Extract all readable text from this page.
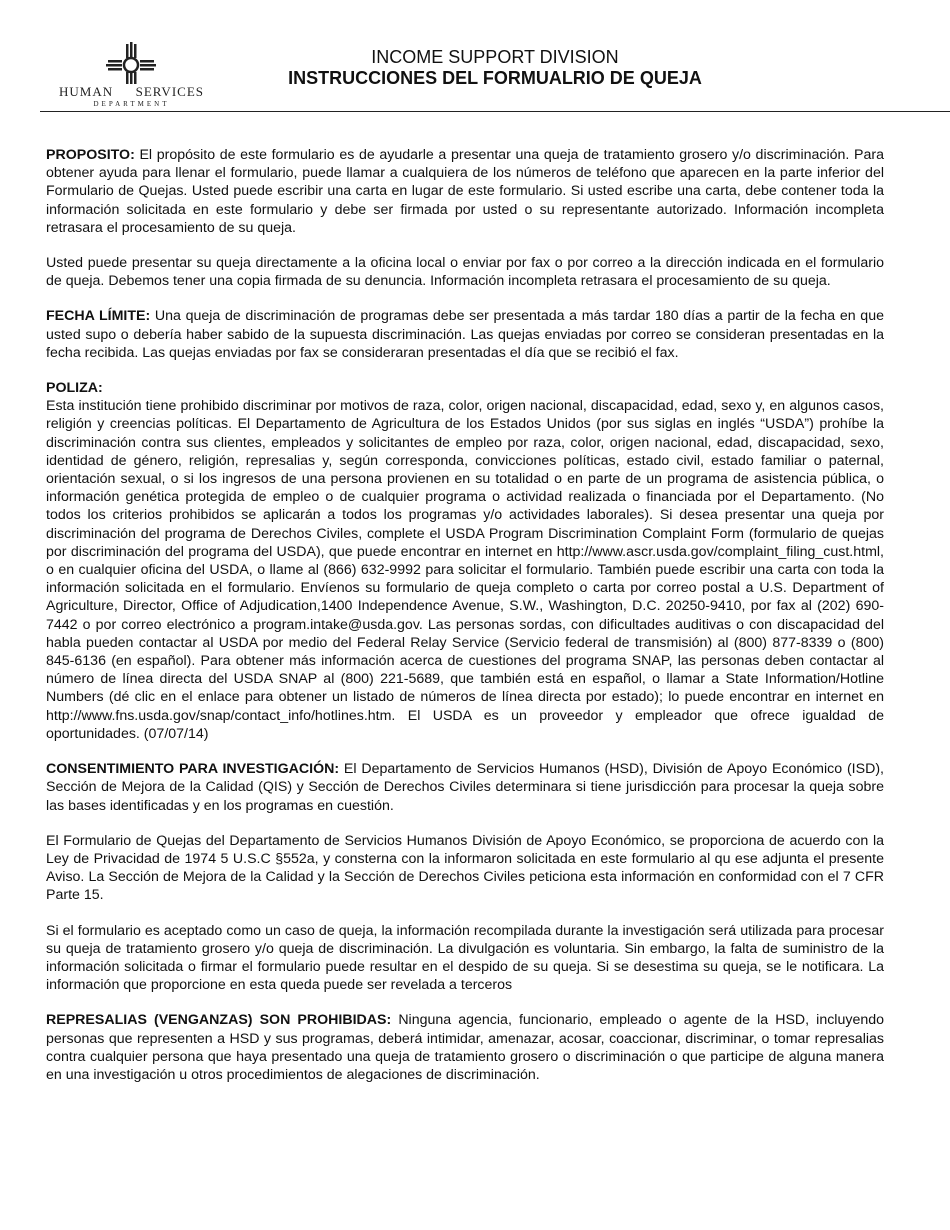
HUMAN SERVICES
DEPARTMENT
INCOME SUPPORT DIVISION
INSTRUCCIONES DEL FORMUALRIO DE QUEJA

PROPOSITO: El propósito de este formulario es de ayudarle a presentar una queja de tratamiento grosero y/o discriminación. Para obtener ayuda para llenar el formulario, puede llamar a cualquiera de los números de teléfono que aparecen en la parte inferior del Formulario de Quejas. Usted puede escribir una carta en lugar de este formulario. Si usted escribe una carta, debe contener toda la información solicitada en este formulario y debe ser firmada por usted o su representante autorizado. Información incompleta retrasara el procesamiento de su queja.

Usted puede presentar su queja directamente a la oficina local o enviar por fax o por correo a la dirección indicada en el formulario de queja. Debemos tener una copia firmada de su denuncia. Información incompleta retrasara el procesamiento de su queja.

FECHA LÍMITE: Una queja de discriminación de programas debe ser presentada a más tardar 180 días a partir de la fecha en que usted supo o debería haber sabido de la supuesta discriminación. Las quejas enviadas por correo se consideran presentadas en la fecha recibida. Las quejas enviadas por fax se consideraran presentadas el día que se recibió el fax.

POLIZA:
Esta institución tiene prohibido discriminar por motivos de raza, color, origen nacional, discapacidad, edad, sexo y, en algunos casos, religión y creencias políticas. El Departamento de Agricultura de los Estados Unidos (por sus siglas en inglés “USDA”) prohíbe la discriminación contra sus clientes, empleados y solicitantes de empleo por raza, color, origen nacional, edad, discapacidad, sexo, identidad de género, religión, represalias y, según corresponda, convicciones políticas, estado civil, estado familiar o paternal, orientación sexual, o si los ingresos de una persona provienen en su totalidad o en parte de un programa de asistencia pública, o información genética protegida de empleo o de cualquier programa o actividad realizada o financiada por el Departamento. (No todos los criterios prohibidos se aplicarán a todos los programas y/o actividades laborales). Si desea presentar una queja por discriminación del programa de Derechos Civiles, complete el USDA Program Discrimination Complaint Form (formulario de quejas por discriminación del programa del USDA), que puede encontrar en internet en http://www.ascr.usda.gov/complaint_filing_cust.html, o en cualquier oficina del USDA, o llame al (866) 632-9992 para solicitar el formulario. También puede escribir una carta con toda la información solicitada en el formulario. Envíenos su formulario de queja completo o carta por correo postal a U.S. Department of Agriculture, Director, Office of Adjudication,1400 Independence Avenue, S.W., Washington, D.C. 20250-9410, por fax al (202) 690-7442 o por correo electrónico a program.intake@usda.gov. Las personas sordas, con dificultades auditivas o con discapacidad del habla pueden contactar al USDA por medio del Federal Relay Service (Servicio federal de transmisión) al (800) 877-8339 o (800) 845-6136 (en español). Para obtener más información acerca de cuestiones del programa SNAP, las personas deben contactar al número de línea directa del USDA SNAP al (800) 221-5689, que también está en español, o llamar a State Information/Hotline Numbers (dé clic en el enlace para obtener un listado de números de línea directa por estado); lo puede encontrar en internet en http://www.fns.usda.gov/snap/contact_info/hotlines.htm. El USDA es un proveedor y empleador que ofrece igualdad de oportunidades. (07/07/14)

CONSENTIMIENTO PARA INVESTIGACIÓN: El Departamento de Servicios Humanos (HSD), División de Apoyo Económico (ISD), Sección de Mejora de la Calidad (QIS) y Sección de Derechos Civiles determinara si tiene jurisdicción para procesar la queja sobre las bases identificadas y en los programas en cuestión.

El Formulario de Quejas del Departamento de Servicios Humanos División de Apoyo Económico, se proporciona de acuerdo con la Ley de Privacidad de 1974 5 U.S.C §552a, y consterna con la informaron solicitada en este formulario al qu ese adjunta el presente Aviso. La Sección de Mejora de la Calidad y la Sección de Derechos Civiles peticiona esta información en conformidad con el 7 CFR Parte 15.

Si el formulario es aceptado como un caso de queja, la información recompilada durante la investigación será utilizada para procesar su queja de tratamiento grosero y/o queja de discriminación. La divulgación es voluntaria. Sin embargo, la falta de suministro de la información solicitada o firmar el formulario puede resultar en el despido de su queja. Si se desestima su queja, se le notificara. La información que proporcione en esta queda puede ser revelada a terceros

REPRESALIAS (VENGANZAS) SON PROHIBIDAS: Ninguna agencia, funcionario, empleado o agente de la HSD, incluyendo personas que representen a HSD y sus programas, deberá intimidar, amenazar, acosar, coaccionar, discriminar, o tomar represalias contra cualquier persona que haya presentado una queja de tratamiento grosero o discriminación o que participe de alguna manera en una investigación u otros procedimientos de alegaciones de discriminación.
